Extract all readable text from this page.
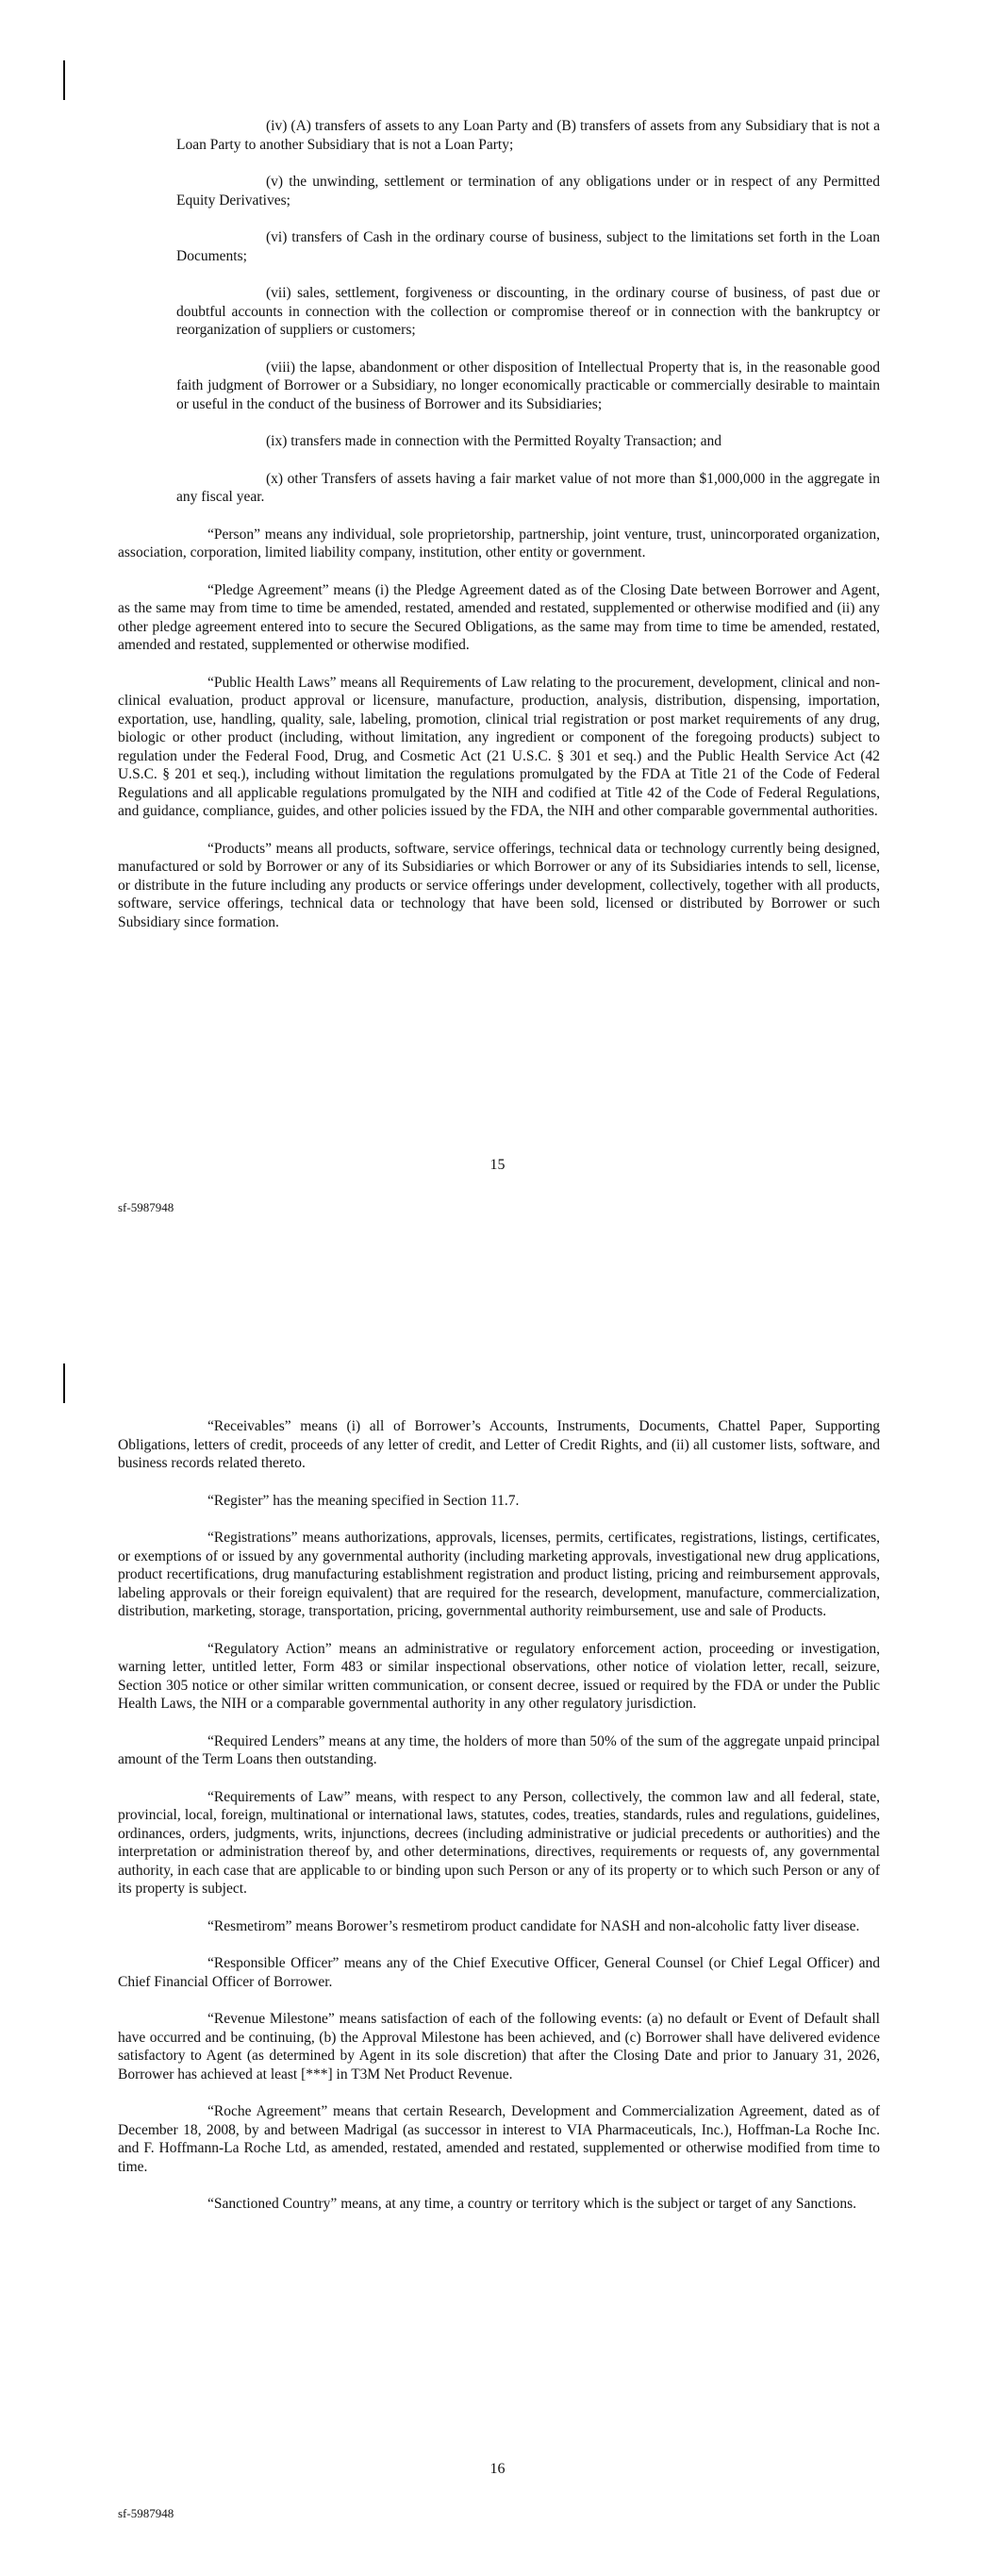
(iv) (A) transfers of assets to any Loan Party and (B) transfers of assets from any Subsidiary that is not a Loan Party to another Subsidiary that is not a Loan Party;

(v) the unwinding, settlement or termination of any obligations under or in respect of any Permitted Equity Derivatives;

(vi) transfers of Cash in the ordinary course of business, subject to the limitations set forth in the Loan Documents;

(vii) sales, settlement, forgiveness or discounting, in the ordinary course of business, of past due or doubtful accounts in connection with the collection or compromise thereof or in connection with the bankruptcy or reorganization of suppliers or customers;

(viii) the lapse, abandonment or other disposition of Intellectual Property that is, in the reasonable good faith judgment of Borrower or a Subsidiary, no longer economically practicable or commercially desirable to maintain or useful in the conduct of the business of Borrower and its Subsidiaries;

(ix) transfers made in connection with the Permitted Royalty Transaction; and

(x) other Transfers of assets having a fair market value of not more than $1,000,000 in the aggregate in any fiscal year.

“Person” means any individual, sole proprietorship, partnership, joint venture, trust, unincorporated organization, association, corporation, limited liability company, institution, other entity or government.

“Pledge Agreement” means (i) the Pledge Agreement dated as of the Closing Date between Borrower and Agent, as the same may from time to time be amended, restated, amended and restated, supplemented or otherwise modified and (ii) any other pledge agreement entered into to secure the Secured Obligations, as the same may from time to time be amended, restated, amended and restated, supplemented or otherwise modified.

“Public Health Laws” means all Requirements of Law relating to the procurement, development, clinical and non-clinical evaluation, product approval or licensure, manufacture, production, analysis, distribution, dispensing, importation, exportation, use, handling, quality, sale, labeling, promotion, clinical trial registration or post market requirements of any drug, biologic or other product (including, without limitation, any ingredient or component of the foregoing products) subject to regulation under the Federal Food, Drug, and Cosmetic Act (21 U.S.C. § 301 et seq.) and the Public Health Service Act (42 U.S.C. § 201 et seq.), including without limitation the regulations promulgated by the FDA at Title 21 of the Code of Federal Regulations and all applicable regulations promulgated by the NIH and codified at Title 42 of the Code of Federal Regulations, and guidance, compliance, guides, and other policies issued by the FDA, the NIH and other comparable governmental authorities.

“Products” means all products, software, service offerings, technical data or technology currently being designed, manufactured or sold by Borrower or any of its Subsidiaries or which Borrower or any of its Subsidiaries intends to sell, license, or distribute in the future including any products or service offerings under development, collectively, together with all products, software, service offerings, technical data or technology that have been sold, licensed or distributed by Borrower or such Subsidiary since formation.

15
sf-5987948

“Receivables” means (i) all of Borrower’s Accounts, Instruments, Documents, Chattel Paper, Supporting Obligations, letters of credit, proceeds of any letter of credit, and Letter of Credit Rights, and (ii) all customer lists, software, and business records related thereto.

“Register” has the meaning specified in Section 11.7.

“Registrations” means authorizations, approvals, licenses, permits, certificates, registrations, listings, certificates, or exemptions of or issued by any governmental authority (including marketing approvals, investigational new drug applications, product recertifications, drug manufacturing establishment registration and product listing, pricing and reimbursement approvals, labeling approvals or their foreign equivalent) that are required for the research, development, manufacture, commercialization, distribution, marketing, storage, transportation, pricing, governmental authority reimbursement, use and sale of Products.

“Regulatory Action” means an administrative or regulatory enforcement action, proceeding or investigation, warning letter, untitled letter, Form 483 or similar inspectional observations, other notice of violation letter, recall, seizure, Section 305 notice or other similar written communication, or consent decree, issued or required by the FDA or under the Public Health Laws, the NIH or a comparable governmental authority in any other regulatory jurisdiction.

“Required Lenders” means at any time, the holders of more than 50% of the sum of the aggregate unpaid principal amount of the Term Loans then outstanding.

“Requirements of Law” means, with respect to any Person, collectively, the common law and all federal, state, provincial, local, foreign, multinational or international laws, statutes, codes, treaties, standards, rules and regulations, guidelines, ordinances, orders, judgments, writs, injunctions, decrees (including administrative or judicial precedents or authorities) and the interpretation or administration thereof by, and other determinations, directives, requirements or requests of, any governmental authority, in each case that are applicable to or binding upon such Person or any of its property or to which such Person or any of its property is subject.

“Resmetirom” means Borower’s resmetirom product candidate for NASH and non-alcoholic fatty liver disease.

“Responsible Officer” means any of the Chief Executive Officer, General Counsel (or Chief Legal Officer) and Chief Financial Officer of Borrower.

“Revenue Milestone” means satisfaction of each of the following events: (a) no default or Event of Default shall have occurred and be continuing, (b) the Approval Milestone has been achieved, and (c) Borrower shall have delivered evidence satisfactory to Agent (as determined by Agent in its sole discretion) that after the Closing Date and prior to January 31, 2026, Borrower has achieved at least [***] in T3M Net Product Revenue.

“Roche Agreement” means that certain Research, Development and Commercialization Agreement, dated as of December 18, 2008, by and between Madrigal (as successor in interest to VIA Pharmaceuticals, Inc.), Hoffman-La Roche Inc. and F. Hoffmann-La Roche Ltd, as amended, restated, amended and restated, supplemented or otherwise modified from time to time.

“Sanctioned Country” means, at any time, a country or territory which is the subject or target of any Sanctions.

16
sf-5987948
